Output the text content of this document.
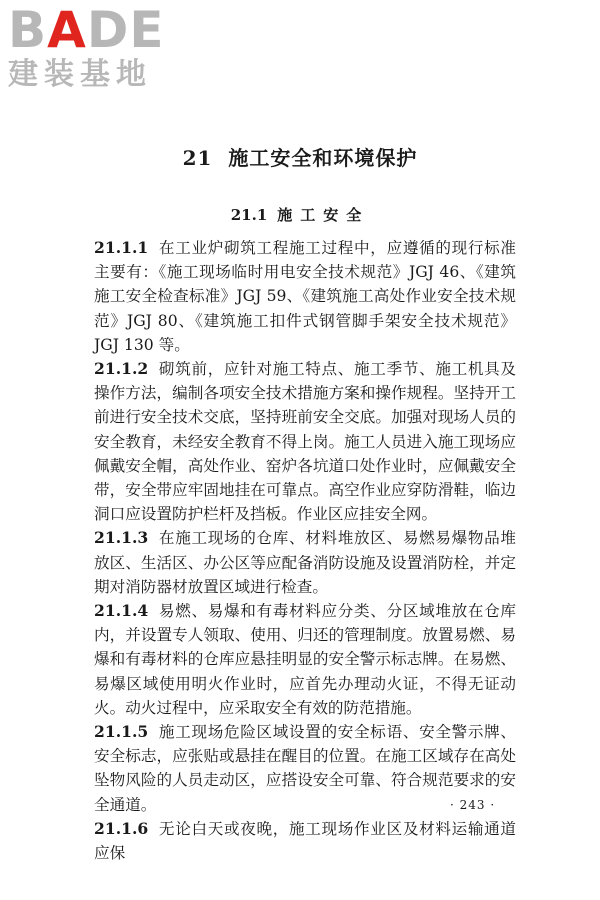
BADE
建装基地
21 施工安全和环境保护
21.1 施工安全

21.1.1 在工业炉砌筑工程施工过程中，应遵循的现行标准主要有：《施工现场临时用电安全技术规范》JGJ 46、《建筑施工安全检查标准》JGJ 59、《建筑施工高处作业安全技术规范》JGJ 80、《建筑施工扣件式钢管脚手架安全技术规范》JGJ 130 等。

21.1.2 砌筑前，应针对施工特点、施工季节、施工机具及操作方法，编制各项安全技术措施方案和操作规程。坚持开工前进行安全技术交底，坚持班前安全交底。加强对现场人员的安全教育，未经安全教育不得上岗。施工人员进入施工现场应佩戴安全帽，高处作业、窑炉各坑道口处作业时，应佩戴安全带，安全带应牢固地挂在可靠点。高空作业应穿防滑鞋，临边洞口应设置防护栏杆及挡板。作业区应挂安全网。

21.1.3 在施工现场的仓库、材料堆放区、易燃易爆物品堆放区、生活区、办公区等应配备消防设施及设置消防栓，并定期对消防器材放置区域进行检查。

21.1.4 易燃、易爆和有毒材料应分类、分区域堆放在仓库内，并设置专人领取、使用、归还的管理制度。放置易燃、易爆和有毒材料的仓库应悬挂明显的安全警示标志牌。在易燃、易爆区域使用明火作业时，应首先办理动火证，不得无证动火。动火过程中，应采取安全有效的防范措施。

21.1.5 施工现场危险区域设置的安全标语、安全警示牌、安全标志，应张贴或悬挂在醒目的位置。在施工区域存在高处坠物风险的人员走动区，应搭设安全可靠、符合规范要求的安全通道。

21.1.6 无论白天或夜晚，施工现场作业区及材料运输通道应保

· 243 ·
